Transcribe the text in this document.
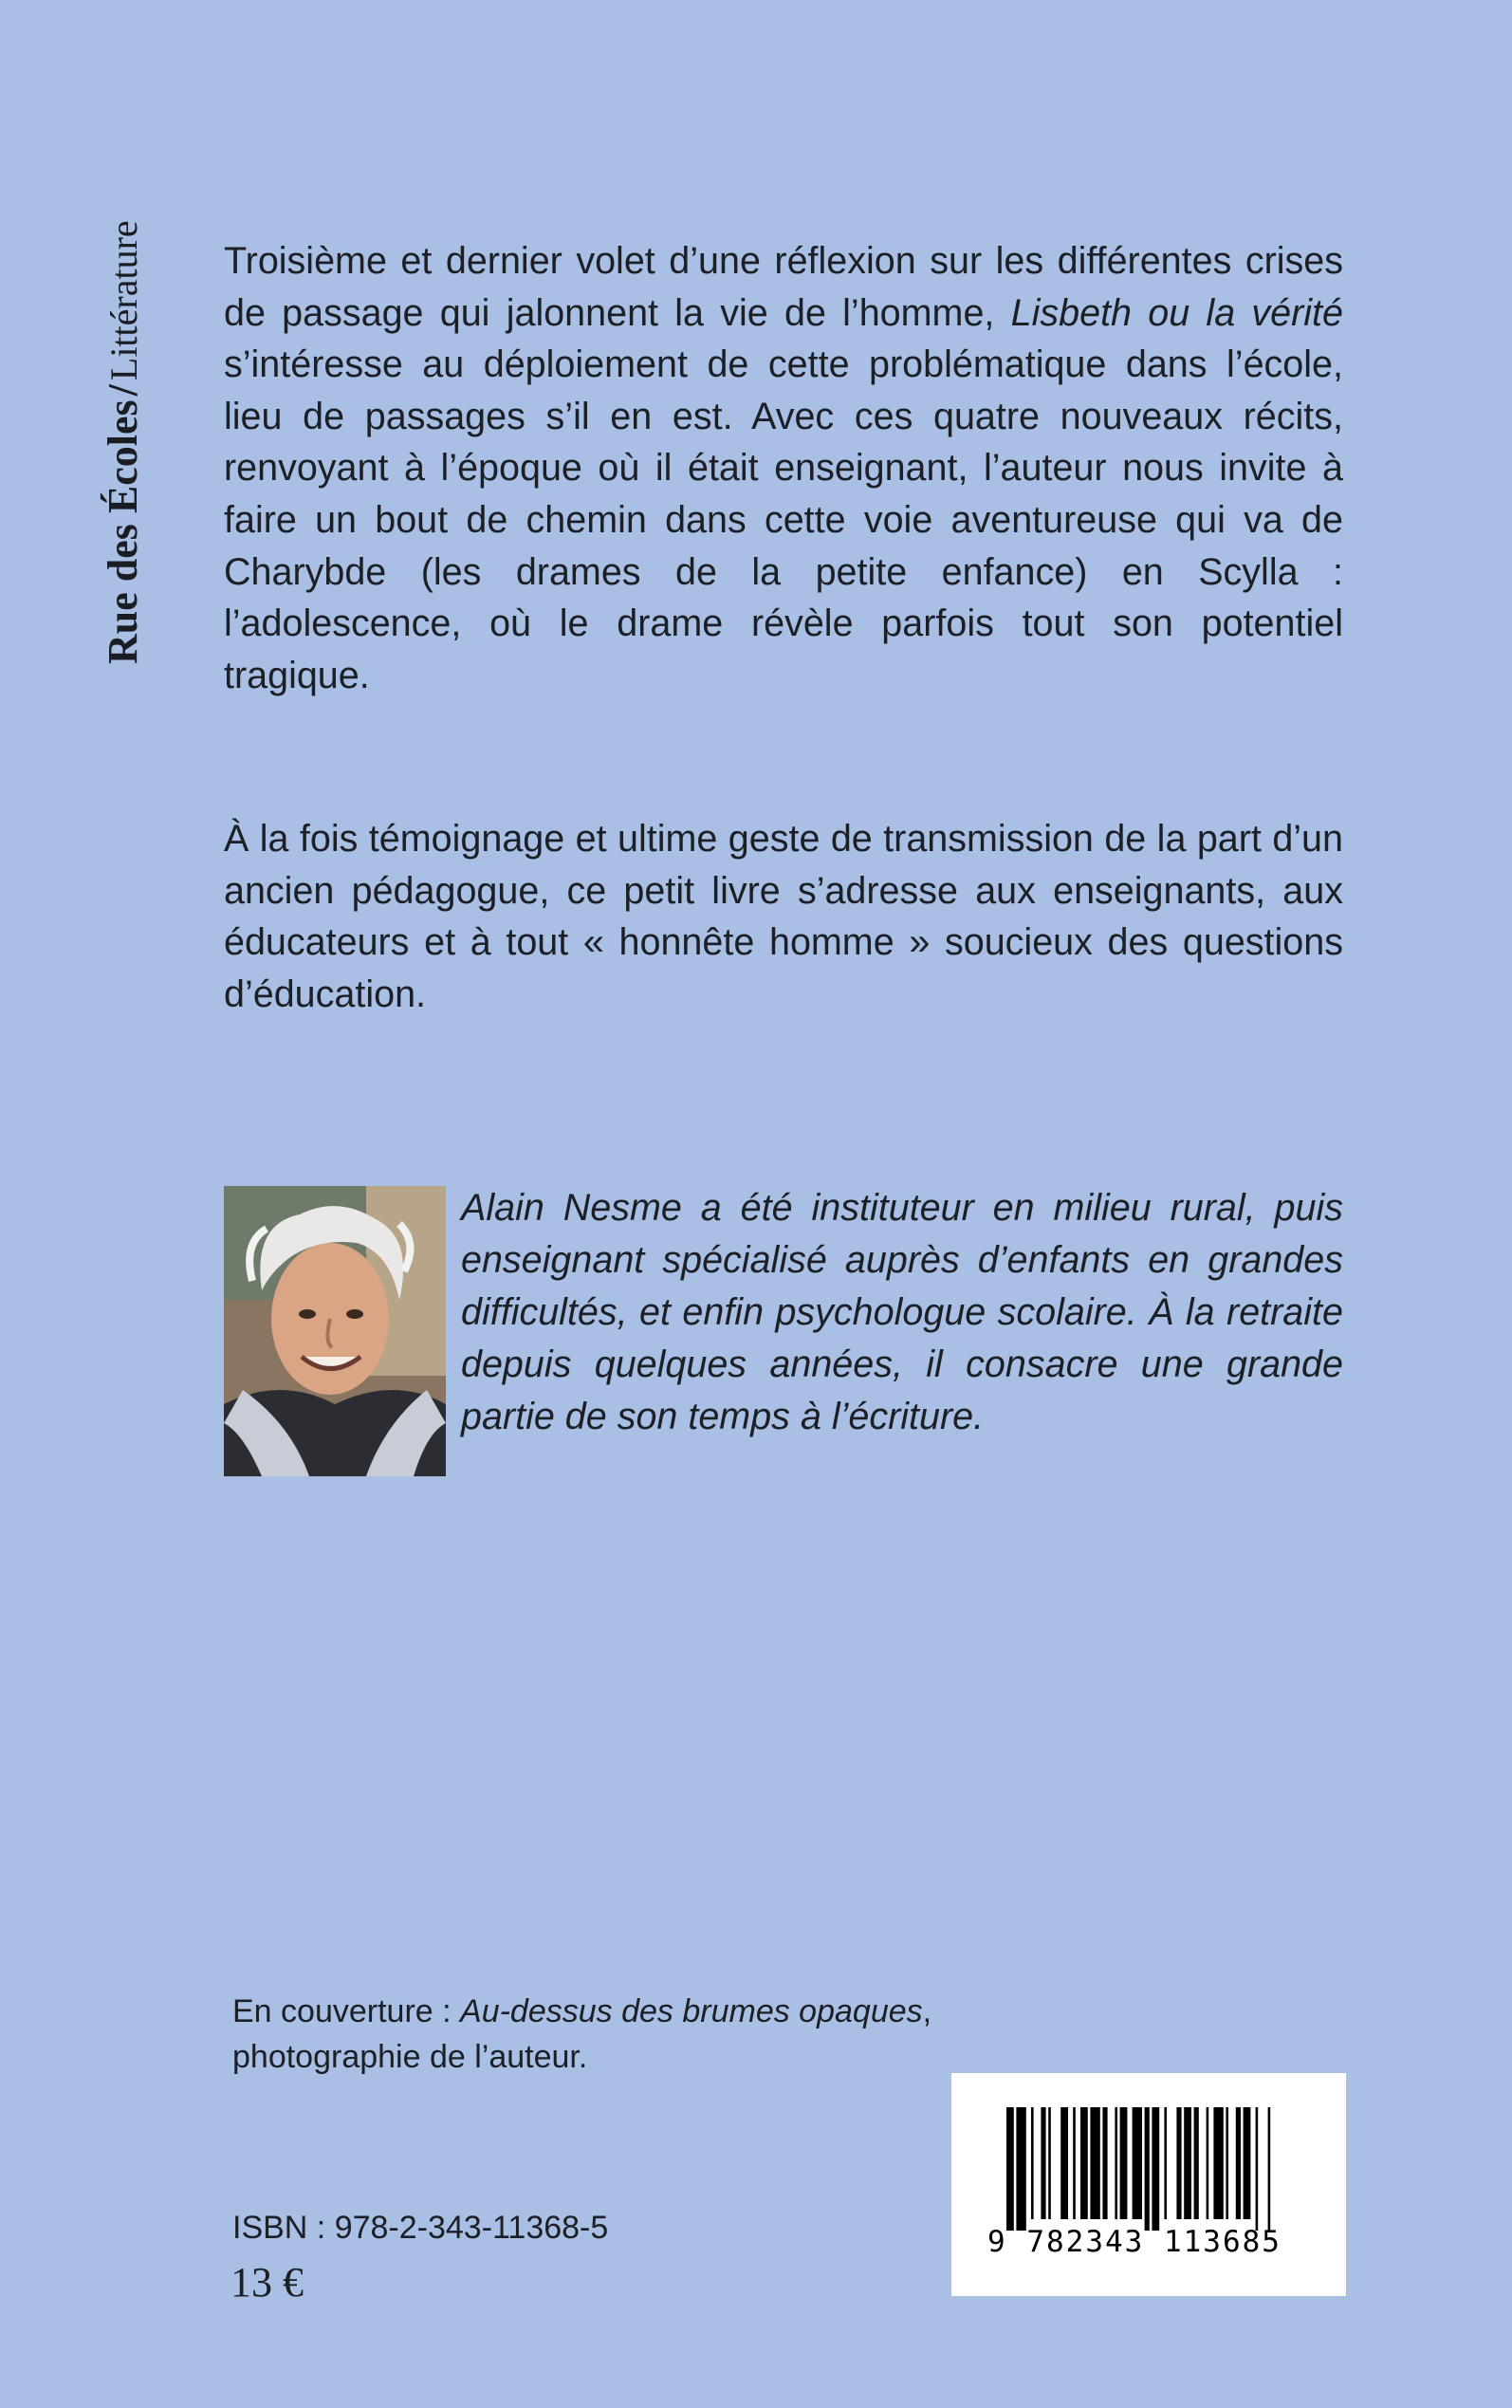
Rue des Écoles/Littérature Troisième et dernier volet d’une réflexion sur les différentes crises de passage qui jalonnent la vie de l’homme, Lisbeth ou la vérité s’intéresse au déploiement de cette problématique dans l’école, lieu de passages s’il en est. Avec ces quatre nouveaux récits, renvoyant à l’époque où il était enseignant, l’auteur nous invite à faire un bout de chemin dans cette voie aventureuse qui va de Charybde (les drames de la petite enfance) en Scylla : l’adolescence, où le drame révèle parfois tout son potentiel tragique.

À la fois témoignage et ultime geste de transmission de la part d’un ancien pédagogue, ce petit livre s’adresse aux enseignants, aux éducateurs et à tout « honnête homme » soucieux des questions d’éducation.

Alain Nesme a été instituteur en milieu rural, puis enseignant spécialisé auprès d’enfants en grandes difficultés, et enfin psychologue scolaire. À la retraite depuis quelques années, il consacre une grande partie de son temps à l’écriture.

En couverture : Au-dessus des brumes opaques,
photographie de l’auteur.

ISBN : 978-2-343-11368-5
13 €
9 782343 113685
